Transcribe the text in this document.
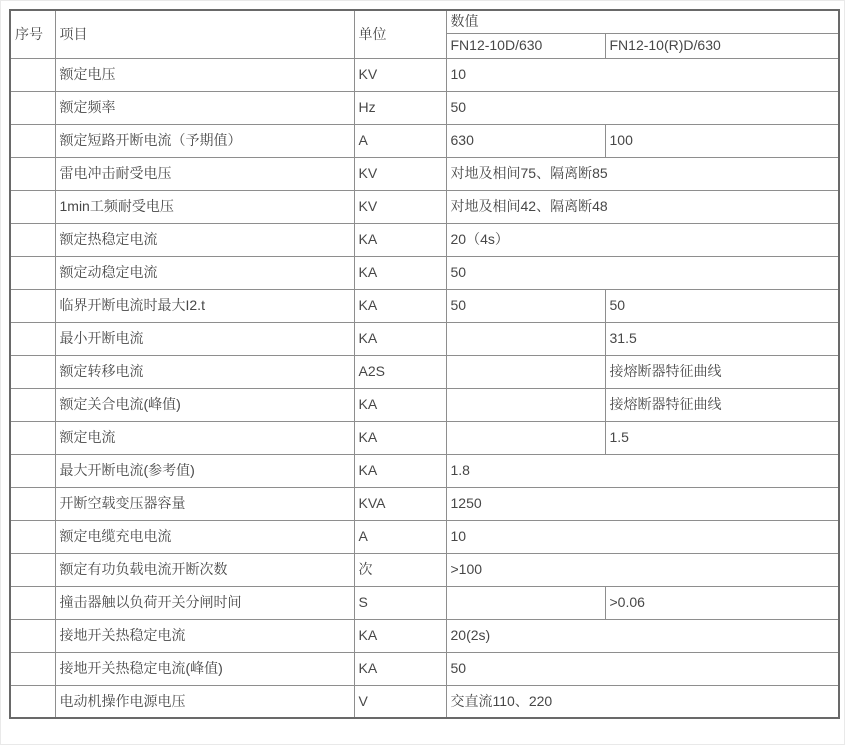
序号	项目	单位	数值	
			FN12-10D/630	FN12-10(R)D/630
	额定电压	KV	10	
	额定频率	Hz	50	
	额定短路开断电流（予期值）	A	630	100
	雷电冲击耐受电压	KV	对地及相间75、隔离断85	
	1min工频耐受电压	KV	对地及相间42、隔离断48	
	额定热稳定电流	KA	20（4s）	
	额定动稳定电流	KA	50	
	临界开断电流时最大I2.t	KA	50	50
	最小开断电流	KA		31.5
	额定转移电流	A2S		接熔断器特征曲线
	额定关合电流(峰值)	KA		接熔断器特征曲线
	额定电流	KA		1.5
	最大开断电流(参考值)	KA	1.8	
	开断空载变压器容量	KVA	1250	
	额定电缆充电电流	A	10	
	额定有功负载电流开断次数	次	>100	
	撞击器触以负荷开关分闸时间	S		>0.06
	接地开关热稳定电流	KA	20(2s)	
	接地开关热稳定电流(峰值)	KA	50	
	电动机操作电源电压	V	交直流110、220	
